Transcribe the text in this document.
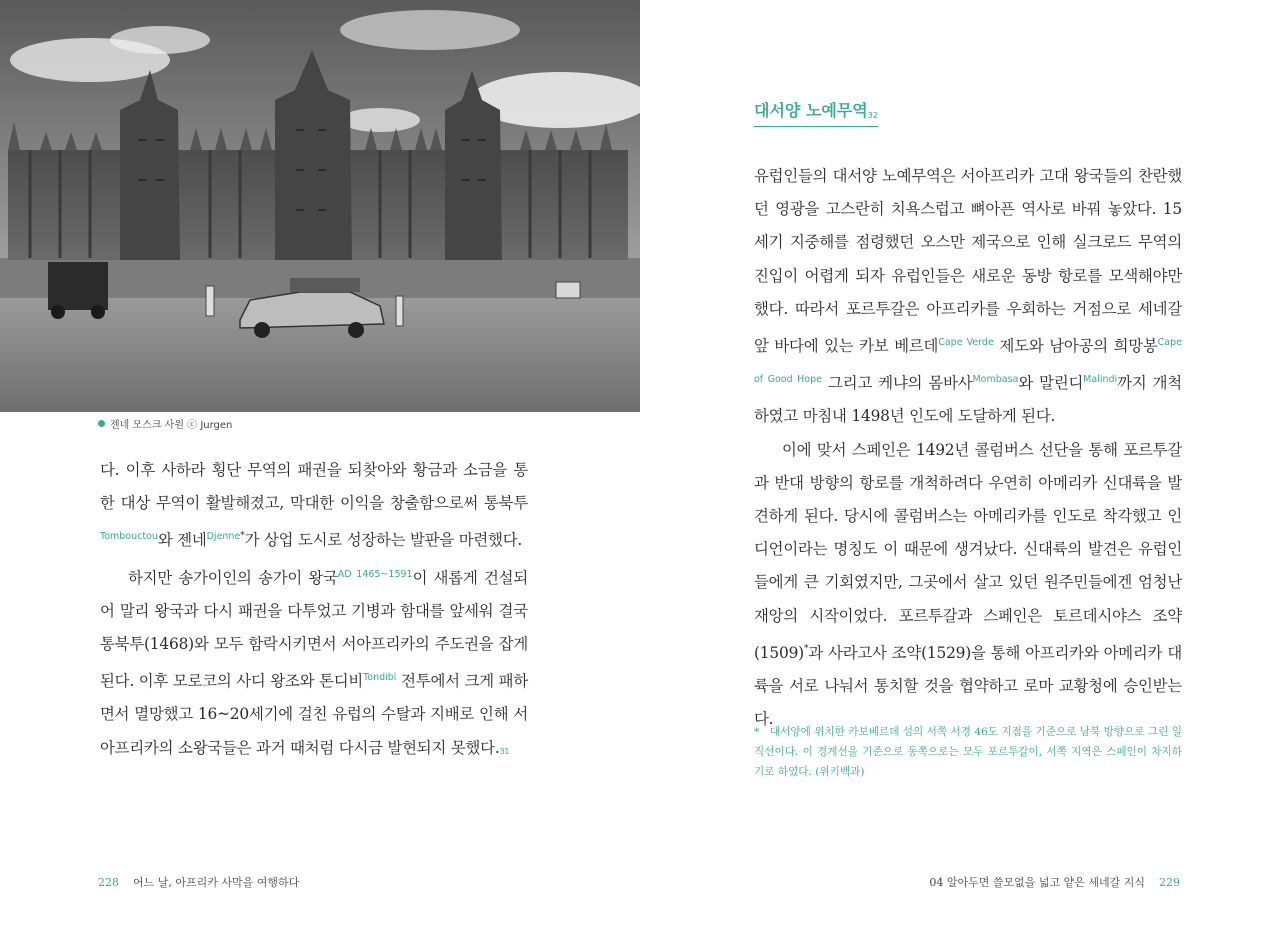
젠네 모스크 사원 ⓒ Jurgen

다. 이후 사하라 횡단 무역의 패권을 되찾아와 황금과 소금을 통한 대상 무역이 활발해졌고, 막대한 이익을 창출함으로써 통북투$^{Tombouctou}$와 젠네$^{Djenne*}$가 상업 도시로 성장하는 발판을 마련했다.

하지만 송가이인의 송가이 왕국$^{AD 1465\sim 1591}$이 새롭게 건설되어 말리 왕국과 다시 패권을 다투었고 기병과 함대를 앞세워 결국 통북투(1468)와 모두 함락시키면서 서아프리카의 주도권을 잡게 된다. 이후 모로코의 사디 왕조와 톤디비$^{Tondibi}$ 전투에서 크게 패하면서 멸망했고 16~20세기에 걸친 유럽의 수탈과 지배로 인해 서아프리카의 소왕국들은 과거 때처럼 다시금 발현되지 못했다.31

228 어느 날, 아프리카 사막을 여행하다
대서양 노예무역32

유럽인들의 대서양 노예무역은 서아프리카 고대 왕국들의 찬란했던 영광을 고스란히 치욕스럽고 뼈아픈 역사로 바꿔 놓았다. 15세기 지중해를 점령했던 오스만 제국으로 인해 실크로드 무역의 진입이 어렵게 되자 유럽인들은 새로운 동방 항로를 모색해야만 했다. 따라서 포르투갈은 아프리카를 우회하는 거점으로 세네갈 앞 바다에 있는 카보 베르데$^{Cape Verde}$ 제도와 남아공의 희망봉$^{Cape of Good Hope}$ 그리고 케냐의 몸바사$^{Mombasa}$와 말린디$^{Malindi}$까지 개척하였고 마침내 1498년 인도에 도달하게 된다.

이에 맞서 스페인은 1492년 콜럼버스 선단을 통해 포르투갈과 반대 방향의 항로를 개척하려다 우연히 아메리카 신대륙을 발견하게 된다. 당시에 콜럼버스는 아메리카를 인도로 착각했고 인디언이라는 명칭도 이 때문에 생겨났다. 신대륙의 발견은 유럽인들에게 큰 기회였지만, 그곳에서 살고 있던 원주민들에겐 엄청난 재앙의 시작이었다. 포르투갈과 스페인은 토르데시야스 조약(1509)*과 사라고사 조약(1529)을 통해 아프리카와 아메리카 대륙을 서로 나눠서 통치할 것을 협약하고 로마 교황청에 승인받는다.

*　대서양에 위치한 카보베르데 섬의 서쪽 서경 46도 지점을 기준으로 남북 방향으로 그린 일직선이다. 이 경계선을 기준으로 동쪽으로는 모두 포르투갈이, 서쪽 지역은 스페인이 차지하기로 하였다. (위키백과)
04 알아두면 쓸모없을 넓고 얕은 세네갈 지식 229
